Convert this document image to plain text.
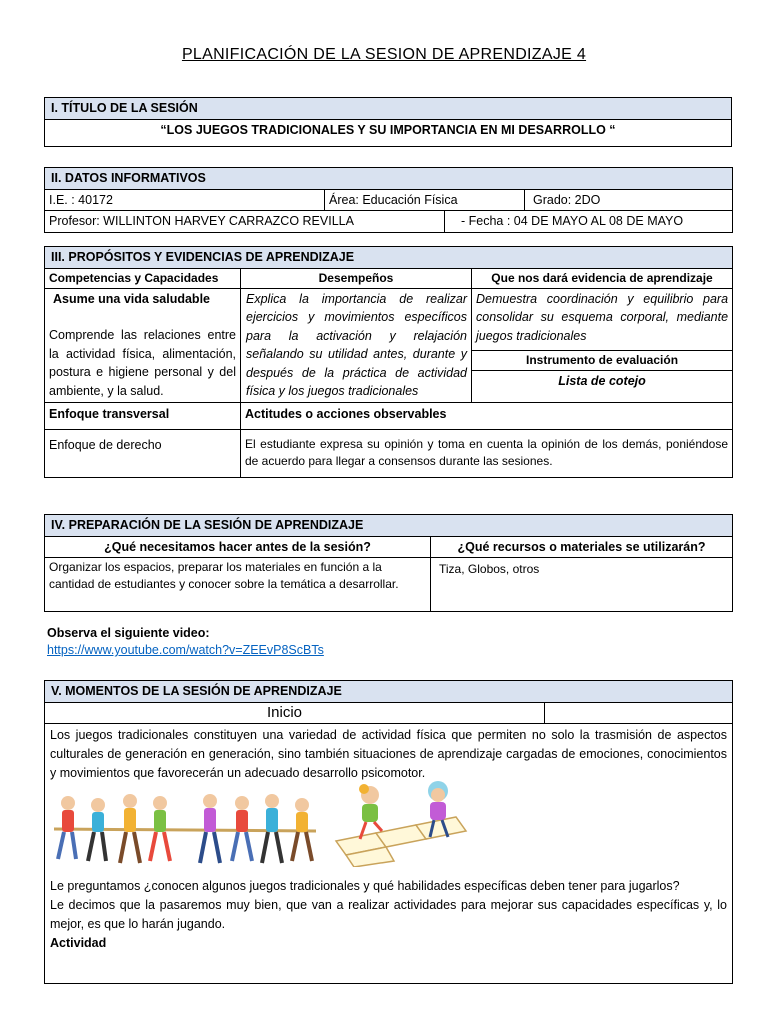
PLANIFICACIÓN DE LA SESION DE APRENDIZAJE 4
I. TÍTULO DE LA SESIÓN
“LOS JUEGOS TRADICIONALES Y SU IMPORTANCIA EN MI DESARROLLO “
II. DATOS INFORMATIVOS			
I.E. : 40172	Área: Educación Física		Grado: 2DO
Profesor: WILLINTON HARVEY CARRAZCO REVILLA		- Fecha : 04 DE MAYO AL 08 DE MAYO	
III. PROPÓSITOS Y EVIDENCIAS DE APRENDIZAJE		
Competencias y Capacidades	Desempeños	Que nos dará evidencia de aprendizaje

Asume una vida saludable
Comprende las relaciones entre la actividad física, alimentación, postura e higiene personal y del ambiente, y la salud.	Explica la importancia de realizar ejercicios y movimientos específicos para la activación y relajación señalando su utilidad antes, durante y después de la práctica de actividad física y los juegos tradicionales	Demuestra coordinación y equilibrio para consolidar su esquema corporal, mediante juegos tradicionales

		Instrumento de evaluación
Lista de cotejo

Enfoque transversal	Actitudes o acciones observables	
Enfoque de derecho	El estudiante expresa su opinión y toma en cuenta la opinión de los demás, poniéndose de acuerdo para llegar a consensos durante las sesiones.	
IV. PREPARACIÓN DE LA SESIÓN DE APRENDIZAJE	
¿Qué necesitamos hacer antes de la sesión?	¿Qué recursos o materiales se utilizarán?
Organizar los espacios, preparar los materiales en función a la cantidad de estudiantes y conocer sobre la temática a desarrollar.	Tiza, Globos, otros
Observa el siguiente video:
https://www.youtube.com/watch?v=ZEEvP8ScBTs
V. MOMENTOS DE LA SESIÓN DE APRENDIZAJE
Inicio	

Los juegos tradicionales constituyen una variedad de actividad física que permiten no solo la trasmisión de aspectos culturales de generación en generación, sino también situaciones de aprendizaje cargadas de emociones, conocimientos y movimientos que favorecerán un adecuado desarrollo psicomotor.
Le preguntamos ¿conocen algunos juegos tradicionales y qué habilidades específicas deben tener para jugarlos?
Le decimos que la pasaremos muy bien, que van a realizar actividades para mejorar sus capacidades específicas y, lo mejor, es que lo harán jugando.
Actividad
